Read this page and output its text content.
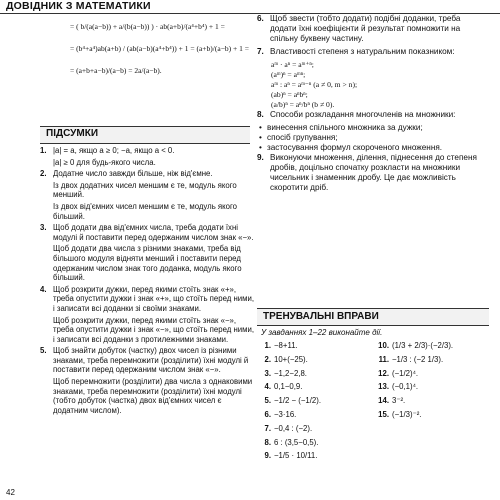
ДОВІДНИК З МАТЕМАТИКИ
= ( b/(a(a−b)) + a/(b(a−b)) ) · ab(a+b)/(a⁴+b⁴) + 1 =
= (b⁴+a⁴)ab(a+b) / (ab(a−b)(a⁴+b⁴)) + 1 = (a+b)/(a−b) + 1 =
= (a+b+a−b)/(a−b) = 2a/(a−b).
ПІДСУМКИ
1. |a| = a, якщо a ≥ 0; −a, якщо a < 0.
|a| ≥ 0 для будь-якого числа.
2. Додатне число завжди більше, ніж від'ємне.
Із двох додатних чисел меншим є те, модуль якого менший.
Із двох від'ємних чисел меншим є те, модуль якого більший.
3. Щоб додати два від'ємних числа, треба додати їхні модулі й поставити перед одержаним числом знак «−».
Щоб додати два числа з різними знаками, треба від більшого модуля відняти менший і поставити перед одержаним числом знак того доданка, модуль якого більший.
4. Щоб розкрити дужки, перед якими стоїть знак «+», треба опустити дужки і знак «+», що стоїть перед ними, і записати всі доданки зі своїми знаками.
Щоб розкрити дужки, перед якими стоїть знак «−», треба опустити дужки і знак «−», що стоїть перед ними, і записати всі доданки з протилежними знаками.
5. Щоб знайти добуток (частку) двох чисел із різними знаками, треба перемножити (розділити) їхні модулі й поставити перед одержаним числом знак «−».
Щоб перемножити (розділити) два числа з однаковими знаками, треба перемножити (розділити) їхні модулі (тобто добуток (частка) двох від'ємних чисел є додатним числом).
6. Щоб звести (тобто додати) подібні доданки, треба додати їхні коефіцієнти й результат помножити на спільну буквену частину.
7. Властивості степеня з натуральним показником:
aᵐ · aⁿ = aᵐ⁺ⁿ;
(aᵐ)ⁿ = aᵐⁿ;
aᵐ : aⁿ = aᵐ⁻ⁿ (a ≠ 0, m > n);
(ab)ⁿ = aⁿbⁿ;
(a/b)ⁿ = aⁿ/bⁿ (b ≠ 0).
8. Способи розкладання многочленів на множники:
• винесення спільного множника за дужки;
• спосіб групування;
• застосування формул скороченого множення.
9. Виконуючи множення, ділення, піднесення до степеня дробів, доцільно спочатку розкласти на множники чисельник і знаменник дробу. Це дає можливість скоротити дріб.
ТРЕНУВАЛЬНІ ВПРАВИ
У завданнях 1–22 виконайте дії.
1. −8+11.
2. 10+(−25).
3. −1,2−2,8.
4. 0,1−0,9.
5. −1/2 − (−1/2).
6. −3·16.
7. −0,4 : (−2).
8. 6 : (3,5−0,5).
9. −1/5 · 10/11.
10. (1/3 + 2/3)·(−2/3).
11. −1/3 : (−2 1/3).
12. (−1/2)⁴.
13. (−0,1)⁴.
14. 3⁻².
15. (−1/3)⁻².
42
